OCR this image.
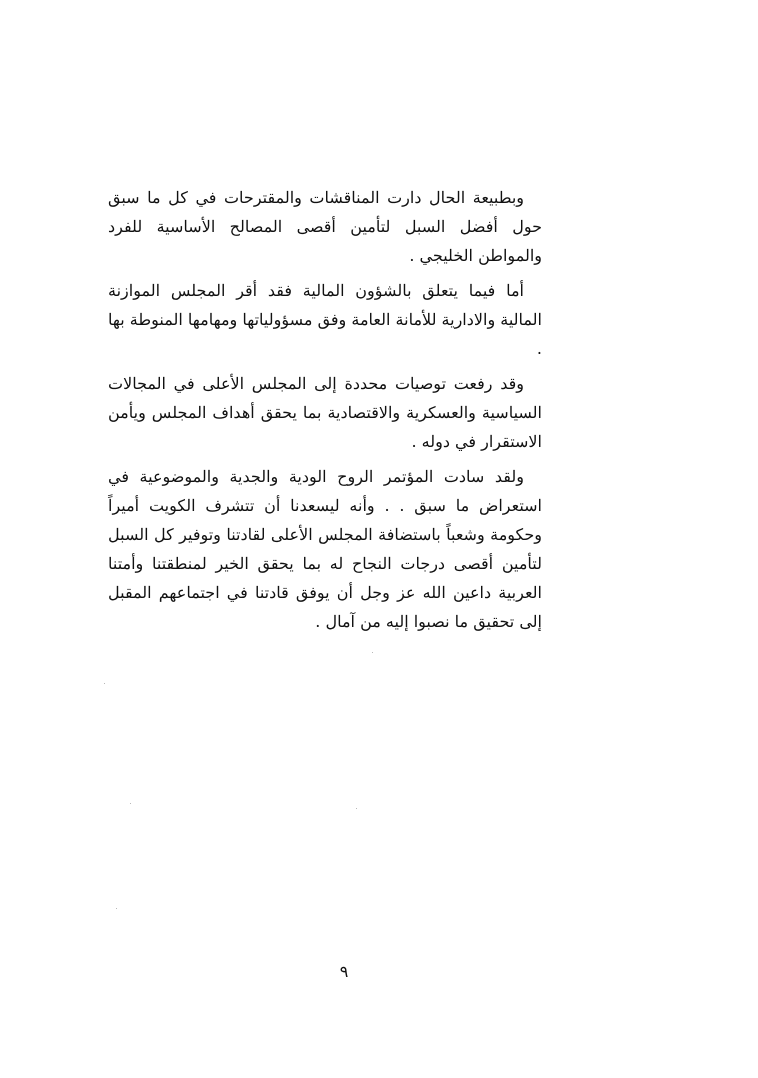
وبطبيعة الحال دارت المناقشات والمقترحات في كل ما سبق حول أفضل السبل لتأمين أقصى المصالح الأساسية للفرد والمواطن الخليجي .

أما فيما يتعلق بالشؤون المالية فقد أقر المجلس الموازنة المالية والادارية للأمانة العامة وفق مسؤولياتها ومهامها المنوطة بها .

وقد رفعت توصيات محددة إلى المجلس الأعلى في المجالات السياسية والعسكرية والاقتصادية بما يحقق أهداف المجلس ويأمن الاستقرار في دوله .

ولقد سادت المؤتمر الروح الودية والجدية والموضوعية في استعراض ما سبق . . وأنه ليسعدنا أن تتشرف الكويت أميراً وحكومة وشعباً باستضافة المجلس الأعلى لقادتنا وتوفير كل السبل لتأمين أقصى درجات النجاح له بما يحقق الخير لمنطقتنا وأمتنا العربية داعين الله عز وجل أن يوفق قادتنا في اجتماعهم المقبل إلى تحقيق ما نصبوا إليه من آمال .

٩
